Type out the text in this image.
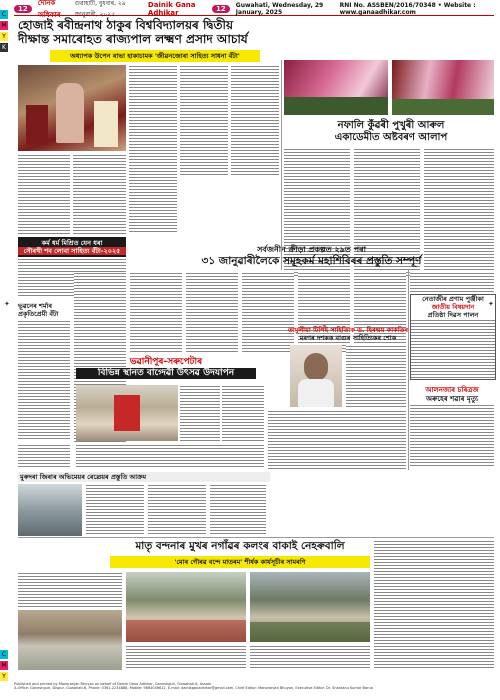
C
M
Y
K
C
M
Y
12
দৈনিক অধিকাৰ
গুৱাহাটী, বুধবাৰ, ২৯ জানুৱাৰী, ২০২৫
Dainik Gana Adhikar	12	Guwahati, Wednesday, 29 January, 2025
RNI No. ASSBEN/2016/70348 • Website : www.ganaadhikar.com
হোজাই ৰবীন্দ্ৰনাথ ঠাকুৰ বিশ্ববিদ্যালয়ৰ দ্বিতীয়
দীক্ষান্ত সমাৰোহত ৰাজ্যপাল লক্ষ্মণ প্ৰসাদ আচাৰ্য
অধ্যাপক উপেন ৰাভা হাকাচামক 'জীৱনজোৰা সাহিত্য সাধনা বঁটা'
নফালি কুঁৱৰী পুখুৰী আৰুল
একাডেমীত অষ্টবৰণ আলাপ
কৰ্ম ধৰ্ম মিশ্ৰিত যেন ধৰা
সৌৰখী শব লোবা সাহিত্য বঁটা-২০২৫
ভূৱনেৰ শৰ্মাৰ
প্ৰকৃতিপ্ৰেমী বঁটা
সৰ্বজনীন ক্ৰীড়া প্ৰকল্পত ২৯ত পৰা
৩১ জানুৱাৰীলৈকে সমূহকৰ্ম মহাশিবিৰৰ প্ৰস্তুতি সম্পূৰ্ণ
তামুলীয়া টিপিঁই সাহিত্যিক ড. হিৰন্ময় কাকতিৰ
মৰণৰ দশকক বাগুৰ সাহিত্যিকৰ শোক
ভৱানীপুৰ-সৰুপেটাৰ
বিভিন্ন স্থানত বাগ্দেৱী উৎসৱ উদযাপন
নেতাজীৰ প্ৰণাম পুঞ্জীকা
জাতীয় বিষয়দান
প্ৰতিষ্ঠা দিৱস পালন
আলনজাৰ চৰিত্ৰজ
অৰুহেৰ শৱাৰ মৃত্যু
মুৰুদৰা জিৰাৰ অভিমেয়ৰ ৰেল্ৰেয়ৰ প্ৰস্তুতি আক্ৰম
মাতৃ বন্দনাৰ মুখৰ নগাঁৱৰ কলংৰ বাকাই নেহৰুবালি
'মোৰ গৌৰৱ বন্দে মাতৰম' শীৰ্ষক কাৰ্যসূচীৰ সামৰণি
✦	✦
Published and printed by Manoranjan Bhuyan on behalf of Dainik Gana Adhikar, Ganeshguri, Guwahati-6, Assam
A-Office: Ganeshguri, Dispur, Guwahati-6, Phone: 0361-2234888, Mobile: 9864046612, E-mail: dainikganadhikar@gmail.com, Chief Editor: Manoranjan Bhuyan, Executive Editor: Dr. Shantanu Kumar Barua
